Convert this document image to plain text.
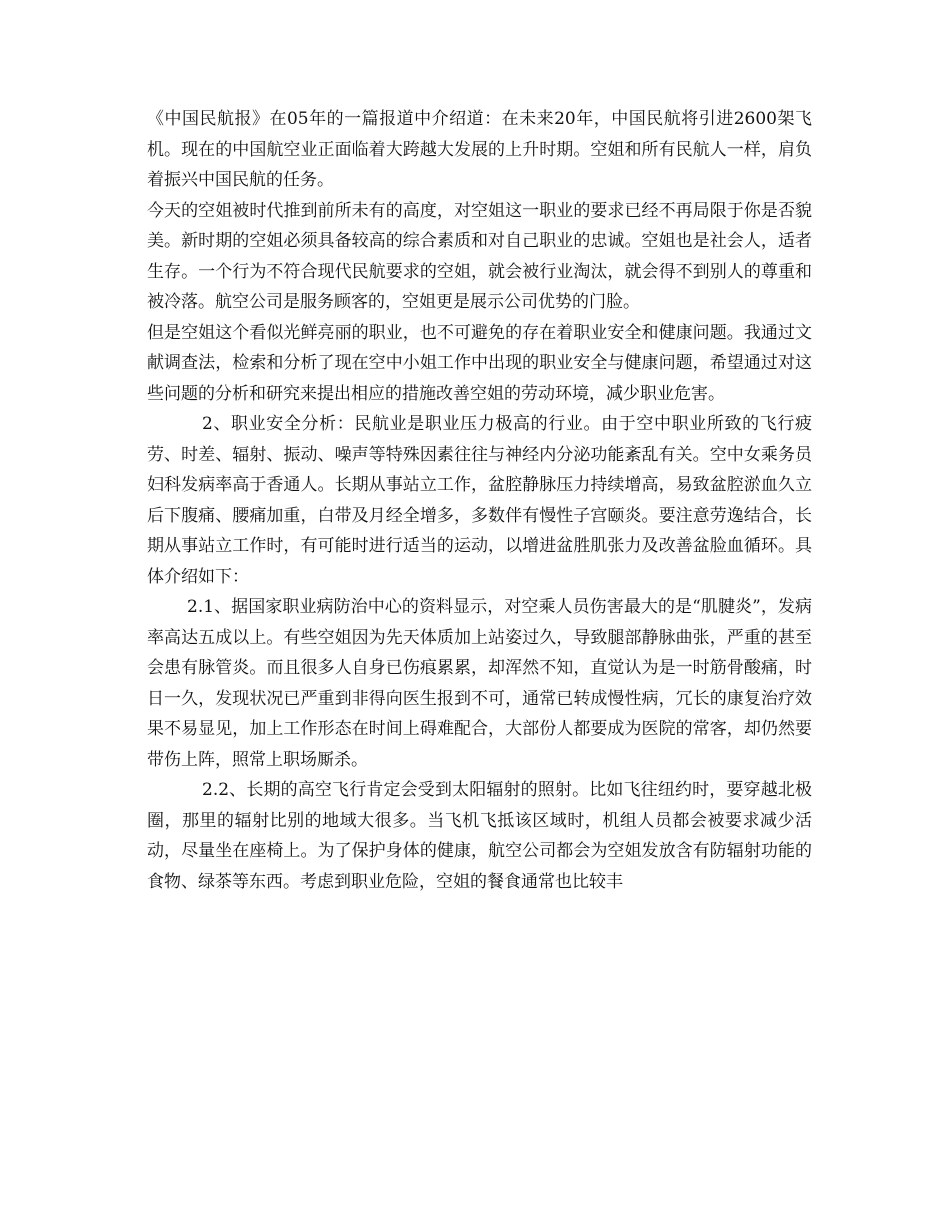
《中国民航报》在05年的一篇报道中介绍道：在未来20年，中国民航将引进2600架飞机。现在的中国航空业正面临着大跨越大发展的上升时期。空姐和所有民航人一样，肩负着振兴中国民航的任务。

今天的空姐被时代推到前所未有的高度，对空姐这一职业的要求已经不再局限于你是否貌美。新时期的空姐必须具备较高的综合素质和对自己职业的忠诚。空姐也是社会人，适者生存。一个行为不符合现代民航要求的空姐，就会被行业淘汰，就会得不到别人的尊重和被冷落。航空公司是服务顾客的，空姐更是展示公司优势的门脸。

但是空姐这个看似光鲜亮丽的职业，也不可避免的存在着职业安全和健康问题。我通过文献调查法，检索和分析了现在空中小姐工作中出现的职业安全与健康问题，希望通过对这些问题的分析和研究来提出相应的措施改善空姐的劳动环境，减少职业危害。

2、职业安全分析：民航业是职业压力极高的行业。由于空中职业所致的飞行疲劳、时差、辐射、振动、噪声等特殊因素往往与神经内分泌功能紊乱有关。空中女乘务员妇科发病率高于香通人。长期从事站立工作，盆腔静脉压力持续增高，易致盆腔淤血久立后下腹痛、腰痛加重，白带及月经全增多，多数伴有慢性子宫颐炎。要注意劳逸结合，长期从事站立工作时，有可能时进行适当的运动，以增进盆胜肌张力及改善盆脸血循环。具体介绍如下：

2.1、据国家职业病防治中心的资料显示，对空乘人员伤害最大的是“肌腱炎”，发病率高达五成以上。有些空姐因为先天体质加上站姿过久，导致腿部静脉曲张，严重的甚至会患有脉管炎。而且很多人自身已伤痕累累，却浑然不知，直觉认为是一时筋骨酸痛，时日一久，发现状况已严重到非得向医生报到不可，通常已转成慢性病，冗长的康复治疗效果不易显见，加上工作形态在时间上碍难配合，大部份人都要成为医院的常客，却仍然要带伤上阵，照常上职场厮杀。

2.2、长期的高空飞行肯定会受到太阳辐射的照射。比如飞往纽约时，要穿越北极圈，那里的辐射比别的地域大很多。当飞机飞抵该区域时，机组人员都会被要求减少活动，尽量坐在座椅上。为了保护身体的健康，航空公司都会为空姐发放含有防辐射功能的食物、绿茶等东西。考虑到职业危险，空姐的餐食通常也比较丰
